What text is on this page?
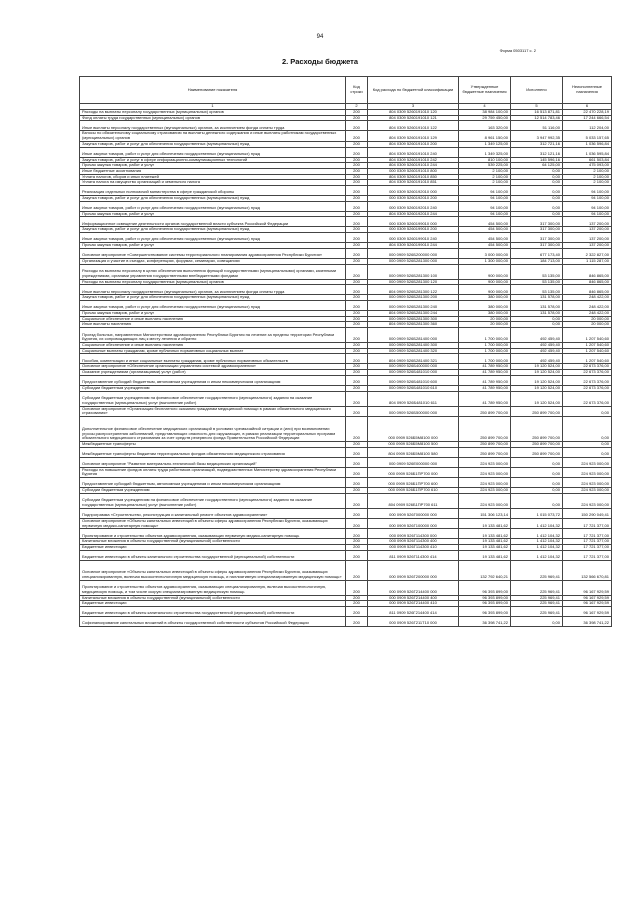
94
Форма 0503117 с. 2
2. Расходы бюджета
Наименование показателя	Код строки	Код расхода по бюджетной классификации	Утвержденные бюджетные назначения	Исполнено	Неисполненные назначения
1	2	3	4	5	6
Расходы на выплаты персоналу государственных (муниципальных) органов	200	804 0309 5260191010 120	38 984 100,00	16 513 871,81	22 470 228,19
Фонд оплаты труда государственных (муниципальных) органов	200	804 0309 5260191010 121	29 759 450,00	12 514 783,46	17 244 666,54
Иные выплаты персоналу государственных (муниципальных) органов, за исключением фонда оплаты труда	200	804 0309 5260191010 122	163 320,00	51 116,00	112 204,00
Взносы по обязательному социальному страхованию на выплаты денежного содержания и иные выплаты работникам государственных (муниципальных) органов	200	804 0309 5260191010 129	8 961 150,00	3 947 992,35	5 033 157,65
Закупка товаров, работ и услуг для обеспечения государственных (муниципальных) нужд	200	804 0309 5260191010 200	1 349 125,00	312 721,16	1 036 596,84
Иные закупки товаров, работ и услуг для обеспечения государственных (муниципальных) нужд	200	804 0309 5260191010 240	1 349 325,00	312 121,16	1 036 595,84
Закупка товаров, работ и услуг в сфере информационно-коммуникационных технологий	200	804 0309 5260191010 242	810 100,00	145 596,16	661 503,84
Прочая закупка товаров, работ и услуг	200	804 0309 5260191010 244	539 225,00	64 125,00	475 093,00
Иные бюджетные ассигнования	200	000 0309 5260191010 800	2 100,00	0,00	2 100,00
Уплата налогов, сборов и иных платежей	200	804 0309 5260191010 850	2 100,00	0,00	2 100,00
Уплата налога на имущество организаций и земельного налога	200	804 0309 5260191010 851	2 100,00	0,00	2 100,00
Реализация отдельных полномочий министерства в сфере гражданской обороны	200	000 0309 5260192010 000	94 100,00	0,00	94 100,00
Закупка товаров, работ и услуг для обеспечения государственных (муниципальных) нужд	200	000 0309 5260192010 200	94 100,00	0,00	94 100,00
Иные закупки товаров, работ и услуг для обеспечения государственных (муниципальных) нужд	200	000 0309 5260192010 240	94 100,00	0,00	94 100,00
Прочая закупка товаров, работ и услуг	200	804 0309 5260192010 244	94 100,00	0,00	94 100,00
Информационное освещение деятельности органов государственной власти субъекта Российской Федерации	200	000 0309 5260199010 000	454 500,00	317 300,00	137 200,00
Закупка товаров, работ и услуг для обеспечения государственных (муниципальных) нужд	200	000 0309 5260199010 200	454 500,00	317 300,00	137 200,00
Иные закупки товаров, работ и услуг для обеспечения государственных (муниципальных) нужд	200	000 0309 5260199010 240	454 500,00	317 300,00	137 200,00
Прочая закупка товаров, работ и услуг	200	804 0309 5260199010 244	454 500,00	317 300,00	137 200,00
Основное мероприятие «Совершенствование системы территориального планирования здравоохранения Республики Бурятия»	200	000 0909 526Б200000 000	3 000 000,00	677 173,40	2 322 827,00
Организация и участие в съездах, конференциях, форумах, семинарах, совещаниях	200	000 0909 526Б281300 000	1 300 000,00	184 713,00	1 115 287,00
Расходы на выплаты персоналу в целях обеспечения выполнения функций государственными (муниципальными) органами, казенными учреждениями, органами управления государственными внебюджетными фондами	200	000 0909 526Б281300 100	900 000,00	53 135,00	846 865,00
Расходы на выплаты персоналу государственных (муниципальных) органов	200	000 0909 526Б281300 120	900 000,00	53 135,00	846 865,00
Иные выплаты персоналу государственных (муниципальных) органов, за исключением фонда оплаты труда	200	804 0909 526Б281300 122	900 000,00	53 135,00	846 865,00
Закупка товаров, работ и услуг для обеспечения государственных (муниципальных) нужд	200	000 0909 526Б281300 200	380 000,00	131 578,00	248 422,00
Иные закупки товаров, работ и услуг для обеспечения государственных (муниципальных) нужд	200	000 0909 526Б281300 240	380 000,00	131 578,00	248 422,00
Прочая закупка товаров, работ и услуг	200	804 0909 526Б281300 244	380 000,00	131 578,00	248 422,00
Социальное обеспечение и иные выплаты населению	200	000 0909 526Б281300 300	20 000,00	0,00	20 000,00
Иные выплаты населению	200	804 0909 526Б281300 360	20 000,00	0,00	20 000,00
Проезд больных, направленных Министерством здравоохранения Республики Бурятия на лечение за пределы территории Республики Бурятия, их сопровождающих лиц к месту лечения и обратно	200	000 0909 526Б281400 000	1 700 000,00	492 459,40	1 207 540,60
Социальное обеспечение и иные выплаты населению	200	000 0909 526Б281400 300	1 700 000,00	492 459,40	1 207 540,60
Социальные выплаты гражданам, кроме публичных нормативных социальных выплат	200	000 0909 526Б281400 320	1 700 000,00	492 459,40	1 207 540,60
Пособия, компенсации и иные социальные выплаты гражданам, кроме публичных нормативных обязательств	200	804 0909 526Б281400 321	1 700 000,00	492 459,40	1 207 540,60
Основное мероприятие «Обеспечение организации управления системой здравоохранения»	200	000 0909 526Б400000 000	41 789 950,00	19 120 524,00	22 673 376,00
Оказание учреждениями (организациями) услуг (работ)	200	000 0909 526Б481010 000	41 789 950,00	19 120 524,00	22 673 376,00
Предоставление субсидий бюджетным, автономным учреждениям и иным некоммерческим организациям	200	000 0909 526Б481010 600	41 789 950,00	19 120 524,00	22 673 376,00
Субсидии бюджетным учреждениям	200	000 0909 526Б481010 610	41 789 950,00	19 120 524,00	22 673 376,00
Субсидии бюджетным учреждениям на финансовое обеспечение государственного (муниципального) задания на оказание государственных (муниципальных) услуг (выполнение работ)	200	804 0909 526Б481010 611	41 789 950,00	19 120 524,00	22 673 376,00
Основное мероприятие «Организация бесплатного оказания гражданам медицинской помощи в рамках обязательного медицинского страхования»	200	000 0909 526Б500000 000	250 899 700,00	250 899 700,00	0,00
Дополнительное финансовое обеспечение медицинских организаций в условиях чрезвычайной ситуации и (или) при возникновении угрозы распространения заболеваний, представляющих опасность для окружающих, в рамках реализации территориальных программ обязательного медицинского страхования за счет средств резервного фонда Правительства Российской Федерации	200	000 0909 526Б5М8100 000	250 899 700,00	250 899 700,00	0,00
Межбюджетные трансферты	200	000 0909 526Б5М8100 500	250 899 700,00	250 899 700,00	0,00
Межбюджетные трансферты бюджетам территориальных фондов обязательного медицинского страхования	200	804 0909 526Б5М8100 580	250 899 700,00	250 899 700,00	0,00
Основное мероприятие "Развитие материально-технической базы медицинских организаций"	200	000 0909 526Е000000 000	224 923 000,00	0,00	224 923 000,00
Расходы на повышение фондов оплаты труда работников организаций, подведомственных Министерству здравоохранения Республики Бурятия	200	000 0909 526Б1ПР700 000	224 923 000,00	0,00	224 923 000,00
Предоставление субсидий бюджетным, автономным учреждениям и иным некоммерческим организациям	200	000 0909 526Б1ПР700 600	224 923 000,00	0,00	224 923 000,00
Субсидии бюджетным учреждениям	200	000 0909 526Б1ПР700 610	224 923 000,00	0,00	224 923 000,00
Субсидии бюджетным учреждениям на финансовое обеспечение государственного (муниципального) задания на оказание государственных (муниципальных) услуг (выполнение работ)	200	804 0909 526Б1ПР700 611	224 923 000,00	0,00	224 923 000,00
Подпрограмма «Строительство, реконструкция и капитальный ремонт объектов здравоохранения»	200	000 0909 526Г000000 000	151 306 123,14	1 015 073,72	150 290 049,41
Основное мероприятие «Объекты капитальных инвестиций в объекты сферы здравоохранения Республики Бурятия, оказывающих первичную медико-санитарную помощь»	200	000 0909 526Г100000 000	19 133 481,62	1 412 104,32	17 721 377,00
Проектирование и строительство объектов здравоохранения, оказывающих первичную медико-санитарную помощь	200	000 0909 526Г114300 000	19 133 481,62	1 412 104,32	17 721 377,00
Капитальные вложения в объекты государственной (муниципальной) собственности	200	000 0909 526Г114300 400	19 133 481,62	1 412 104,32	17 721 377,00
Бюджетные инвестиции	200	000 0909 526Г114300 410	19 133 481,62	1 412 104,32	17 721 377,00
Бюджетные инвестиции в объекты капитального строительства государственной (муниципальной) собственности	200	811 0909 526Г114300 414	19 133 481,62	1 412 104,32	17 721 377,00
Основное мероприятие «Объекты капитальных инвестиций в объекты сферы здравоохранения Республики Бурятия, оказывающих специализированную, включая высокотехнологичную медицинскую помощь, и паллиативную специализированную медицинскую помощь»	200	000 0909 526Г200000 000	132 792 640,21	225 969,41	132 566 670,81
Проектирование и строительство объектов здравоохранения, оказывающих специализированную, включая высокотехнологичную, медицинскую помощь, и том числе скорую специализированную медицинскую помощь	200	000 0909 526Г214400 000	96 393 899,00	225 969,41	96 167 929,59
Капитальные вложения в объекты государственной (муниципальной) собственности	200	000 0909 526Г214400 400	96 393 899,00	225 969,41	96 167 929,59
Бюджетные инвестиции	200	000 0909 526Г214400 410	96 393 899,00	225 969,41	96 167 929,59
Бюджетные инвестиции в объекты капитального строительства государственной (муниципальной) собственности	200	811 0909 526Г214400 414	96 393 899,00	225 969,41	96 167 929,59
Софинансирование капитальных вложений в объекты государственной собственности субъектов Российской Федерации	200	000 0909 526Г211Т10 000	36 398 741,22	0,00	36 398 741,22
